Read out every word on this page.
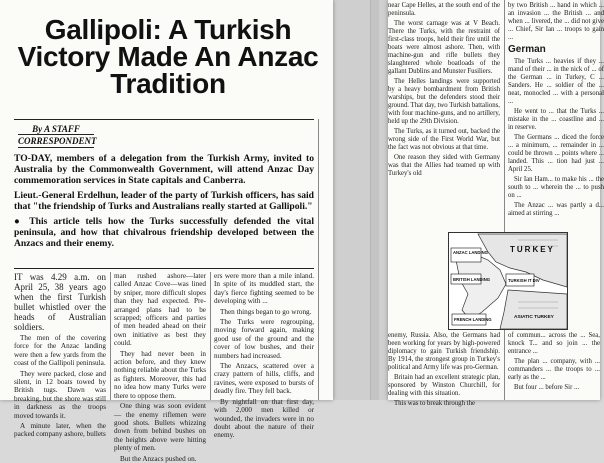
Gallipoli: A Turkish Victory Made An Anzac Tradition
By A STAFF

CORRESPONDENT

TO-DAY, members of a delegation from the Turkish Army, invited to Australia by the Commonwealth Government, will attend Anzac Day commemoration services in State capitals and Canberra.

Lieut.-General Erdelhun, leader of the party of Turkish officers, has said that "the friendship of Turks and Australians really started at Gallipoli."

● This article tells how the Turks successfully defended the vital peninsula, and how that chivalrous friendship developed between the Anzacs and their enemy.

IT was 4.29 a.m. on April 25, 38 years ago when the first Turkish bullet whistled over the heads of Australian soldiers.

The men of the covering force for the Anzac landing were then a few yards from the coast of the Gallipoli peninsula.

They were packed, close and silent, in 12 boats towed by British tugs. Dawn was breaking, but the shore was still in darkness as the troops moved towards it.

A minute later, when the packed company ashore, bullets

man rushed ashore—later called Anzac Cove—was lined by sniper, more difficult slopes than they had expected. Pre-arranged plans had to be scrapped; officers and parties of men headed ahead on their own initiative as best they could.

They had never been in action before, and they knew nothing reliable about the Turks as fighters. Moreover, this had no idea how many Turks were there to oppose them.

One thing was soon evident— the enemy riflemen were good shots. Bullets whizzing down from behind bushes on the heights above were hitting plenty of men.

But the Anzacs pushed on.

ers were more than a mile inland. In spite of its muddled start, the day's fierce fighting seemed to be developing with ...

Then things began to go wrong.

The Turks were regrouping, moving forward again, making good use of the ground and the cover of low bushes, and their numbers had increased.

The Anzacs, scattered over a crazy pattern of hills, cliffs, and ravines, were exposed to bursts of deadly fire. They fell back.

By nightfall on that first day, with 2,000 men killed or wounded, the invaders were in no doubt about the nature of their enemy.

near Cape Helles, at the south end of the peninsula.

The worst carnage was at V Beach. There the Turks, with the restraint of first-class troops, held their fire until the boats were almost ashore. Then, with machine-gun and rifle bullets they slaughtered whole boatloads of the gallant Dublins and Munster Fusiliers.

The Helles landings were supported by a heavy bombardment from British warships, but the defenders stood their ground. That day, two Turkish battalions, with four machine-guns, and no artillery, held up the 29th Division.

The Turks, as it turned out, backed the wrong side of the First World War, but the fact was not obvious at that time.

One reason they sided with Germany was that the Allies had teamed up with Turkey's old

by two British ... hand in which ... an invasion ... the British ... and when ... livered, the ... did not give ... Chief, Sir Ian ... troops to gain ...

German

The Turks ... heavies if they ... mand of their ... in the nick of ... of the German ... in Turkey, C ... Sanders. He ... soldier of the ... neat, monocled ... with a personal ...

He went to ... that the Turks ... mistake in the ... coastline and ... in reserve.

The Germans ... diced the force ... a minimum, ... remainder in ... could be thrown ... points where ... landed. This ... tion had just ... April 25.

Sir Ian Ham... to make his ... the south to ... wherein the ... to push on ...

The Anzac ... was partly a d... aimed at stirring ...

enemy, Russia. Also, the Germans had been working for years by high-powered diplomacy to gain Turkish friendship. By 1914, the strongest group in Turkey's political and Army life was pro-German.

Britain had an excellent strategic plan, sponsored by Winston Churchill, for dealing with this situation.

This was to break through the

of commun... across the ... Sea, knock T... and so join ... the entrance ...

The plan ... company, with ... commanders ... the troops to ... early as the ...

But four ... before Sir ...

TURKEY
ANZAC LANDING
BRITISH LANDING
FRENCH LANDING
TURKISH IT DIV
ASIATIC TURKEY
